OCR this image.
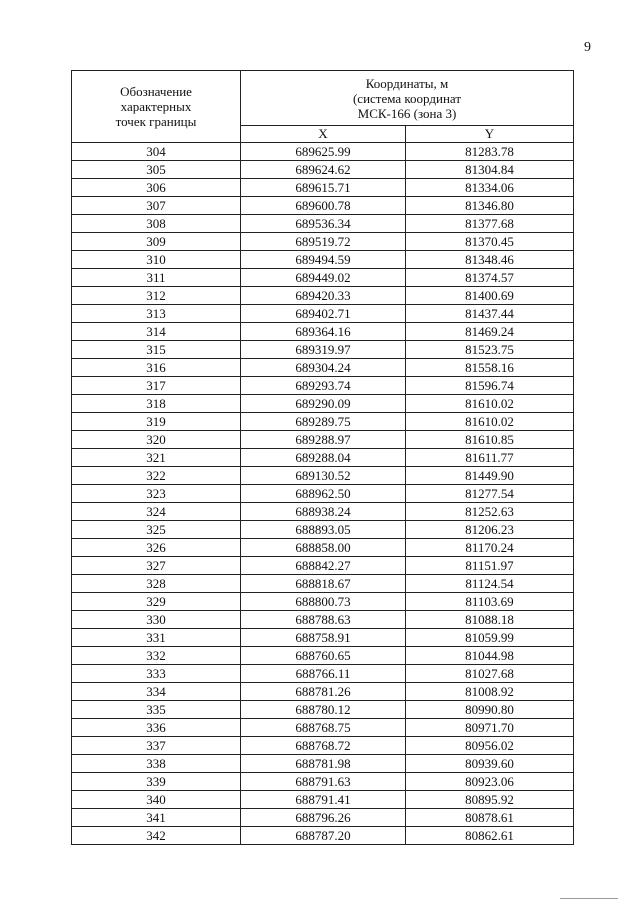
9
Обозначение
характерных
точек границы	Координаты, м
(система координат
МСК-166 (зона 3)	

	X	Y
304	689625.99	81283.78
305	689624.62	81304.84
306	689615.71	81334.06
307	689600.78	81346.80
308	689536.34	81377.68
309	689519.72	81370.45
310	689494.59	81348.46
311	689449.02	81374.57
312	689420.33	81400.69
313	689402.71	81437.44
314	689364.16	81469.24
315	689319.97	81523.75
316	689304.24	81558.16
317	689293.74	81596.74
318	689290.09	81610.02
319	689289.75	81610.02
320	689288.97	81610.85
321	689288.04	81611.77
322	689130.52	81449.90
323	688962.50	81277.54
324	688938.24	81252.63
325	688893.05	81206.23
326	688858.00	81170.24
327	688842.27	81151.97
328	688818.67	81124.54
329	688800.73	81103.69
330	688788.63	81088.18
331	688758.91	81059.99
332	688760.65	81044.98
333	688766.11	81027.68
334	688781.26	81008.92
335	688780.12	80990.80
336	688768.75	80971.70
337	688768.72	80956.02
338	688781.98	80939.60
339	688791.63	80923.06
340	688791.41	80895.92
341	688796.26	80878.61
342	688787.20	80862.61
